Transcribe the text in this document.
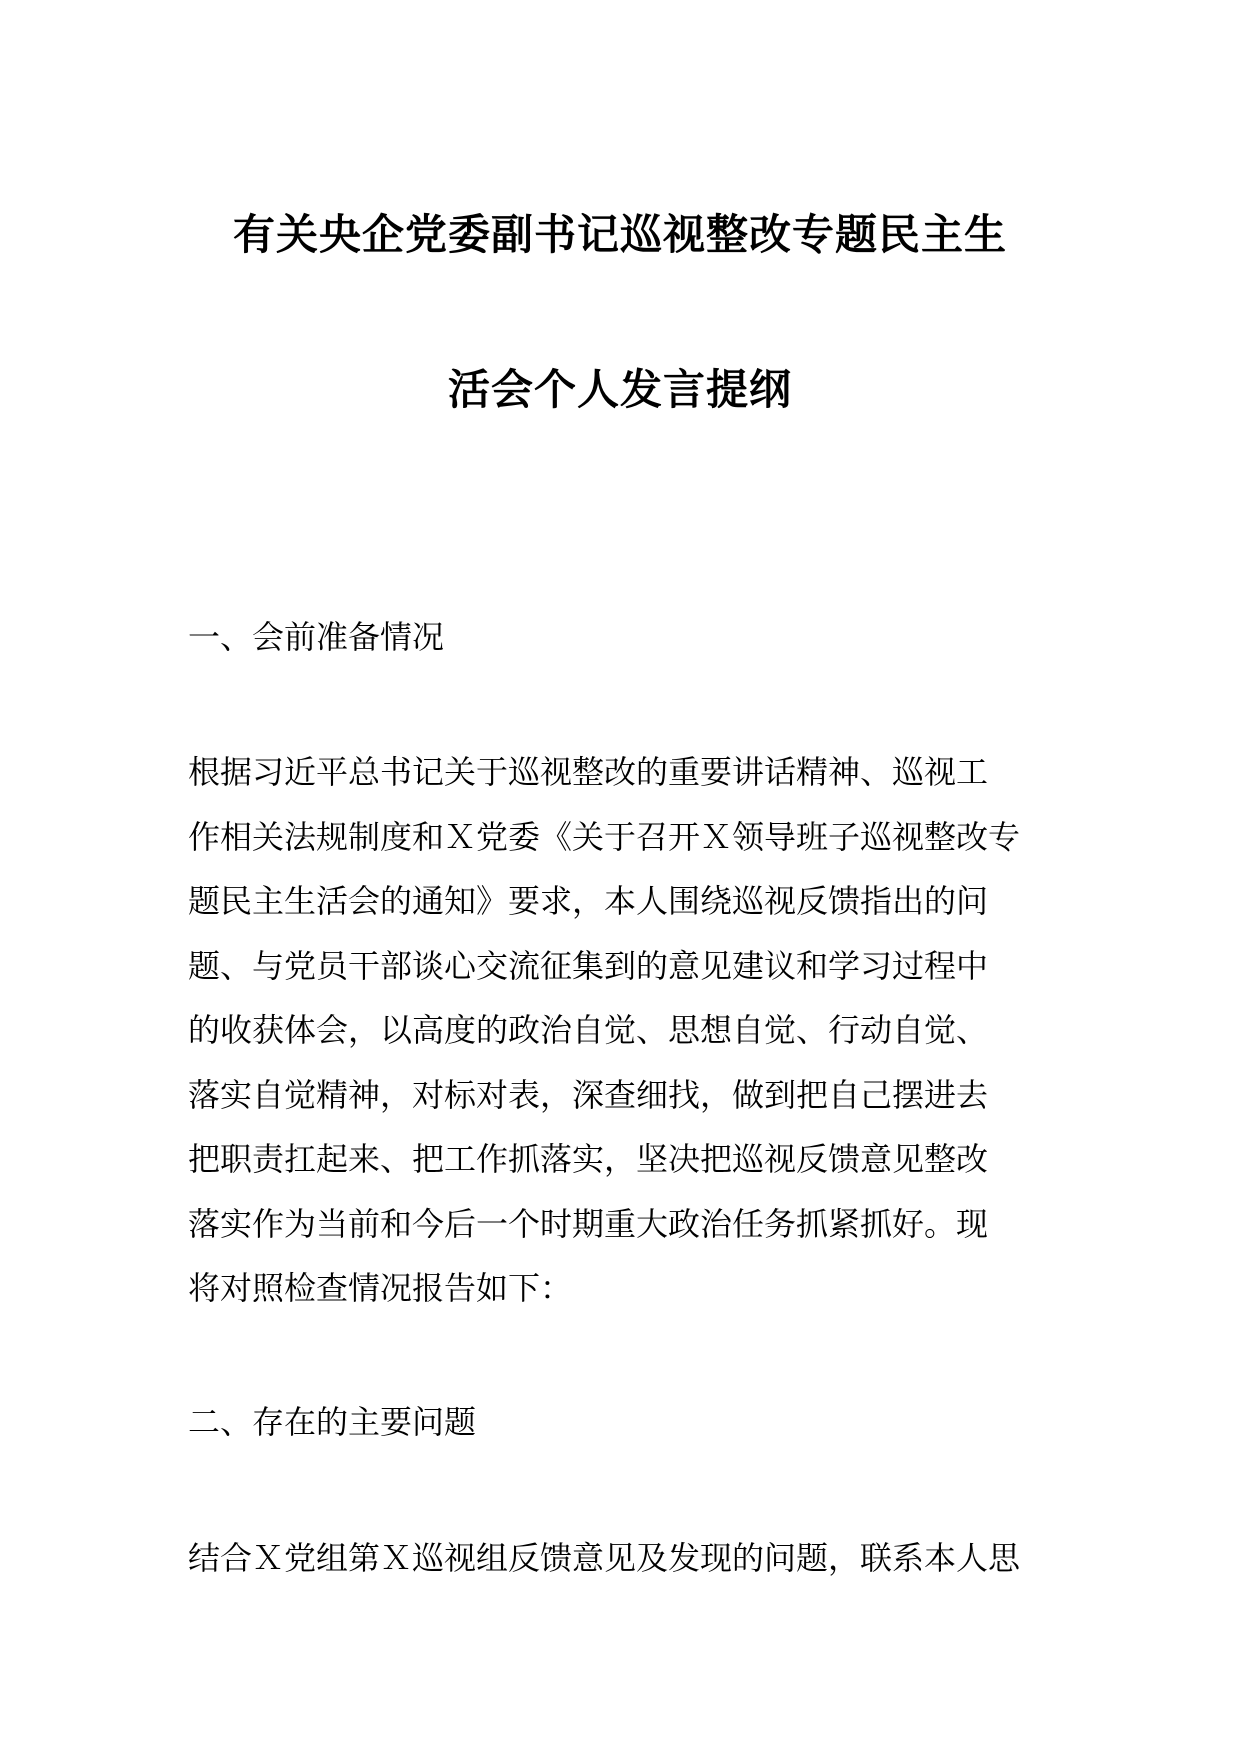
有关央企党委副书记巡视整改专题民主生
活会个人发言提纲
一、会前准备情况
根据习近平总书记关于巡视整改的重要讲话精神、巡视工
作相关法规制度和Ｘ党委《关于召开Ｘ领导班子巡视整改专
题民主生活会的通知》要求，本人围绕巡视反馈指出的问
题、与党员干部谈心交流征集到的意见建议和学习过程中
的收获体会，以高度的政治自觉、思想自觉、行动自觉、
落实自觉精神，对标对表，深查细找，做到把自己摆进去
把职责扛起来、把工作抓落实，坚决把巡视反馈意见整改
落实作为当前和今后一个时期重大政治任务抓紧抓好。现
将对照检查情况报告如下：
二、存在的主要问题
结合Ｘ党组第Ｘ巡视组反馈意见及发现的问题，联系本人思
